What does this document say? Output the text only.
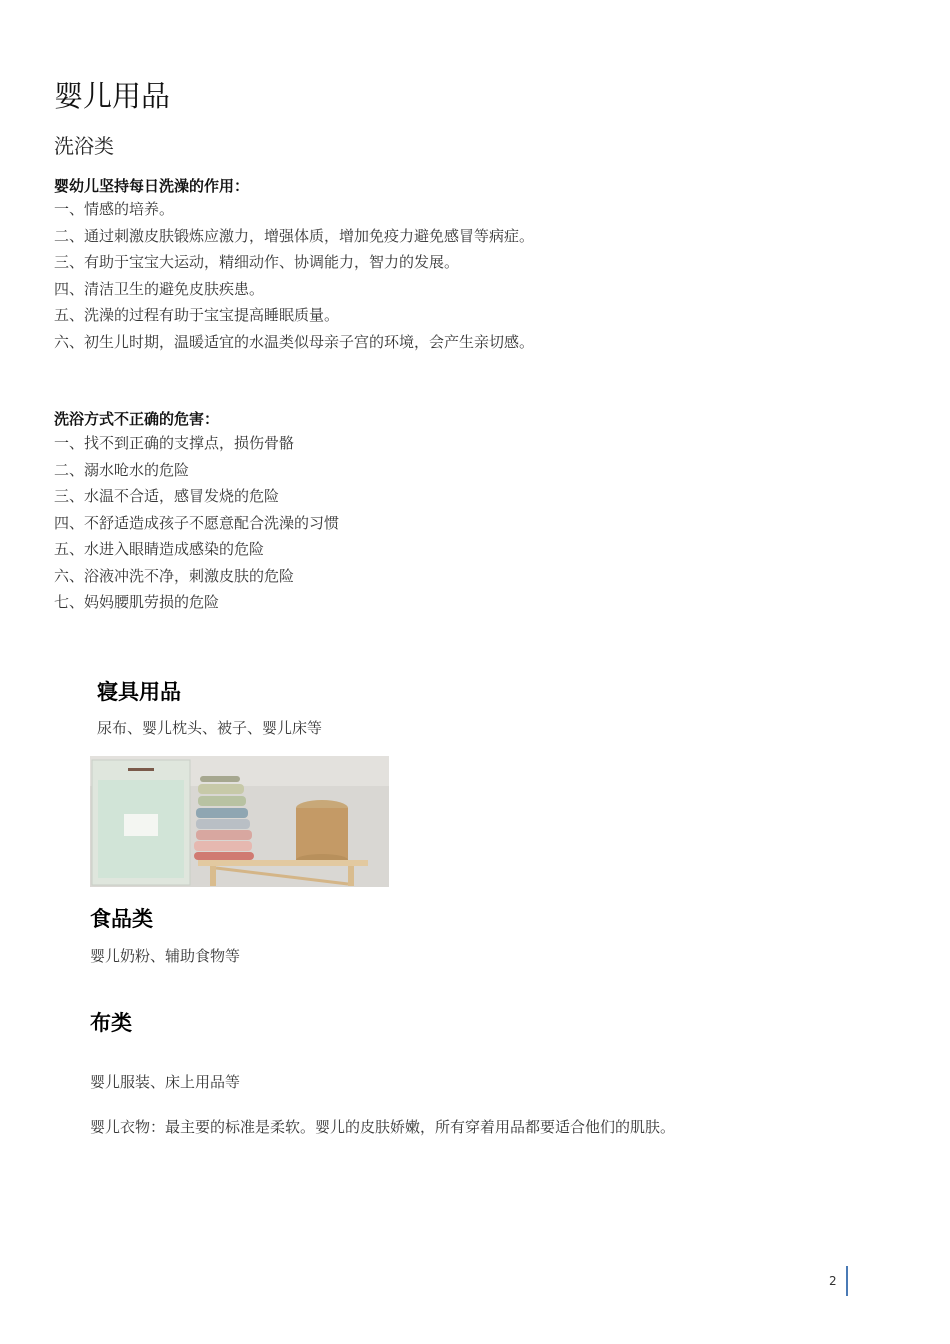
婴儿用品
洗浴类
婴幼儿坚持每日洗澡的作用：
一、情感的培养。
二、通过刺激皮肤锻炼应激力，增强体质，增加免疫力避免感冒等病症。
三、有助于宝宝大运动，精细动作、协调能力，智力的发展。
四、清洁卫生的避免皮肤疾患。
五、洗澡的过程有助于宝宝提高睡眠质量。
六、初生儿时期，温暖适宜的水温类似母亲子宫的环境，会产生亲切感。
洗浴方式不正确的危害：
一、找不到正确的支撑点，损伤骨骼
二、溺水呛水的危险
三、水温不合适，感冒发烧的危险
四、不舒适造成孩子不愿意配合洗澡的习惯
五、水进入眼睛造成感染的危险
六、浴液冲洗不净，刺激皮肤的危险
七、妈妈腰肌劳损的危险
寝具用品
尿布、婴儿枕头、被子、婴儿床等
食品类
婴儿奶粉、辅助食物等
布类
婴儿服装、床上用品等
婴儿衣物：最主要的标准是柔软。婴儿的皮肤娇嫩，所有穿着用品都要适合他们的肌肤。
2
